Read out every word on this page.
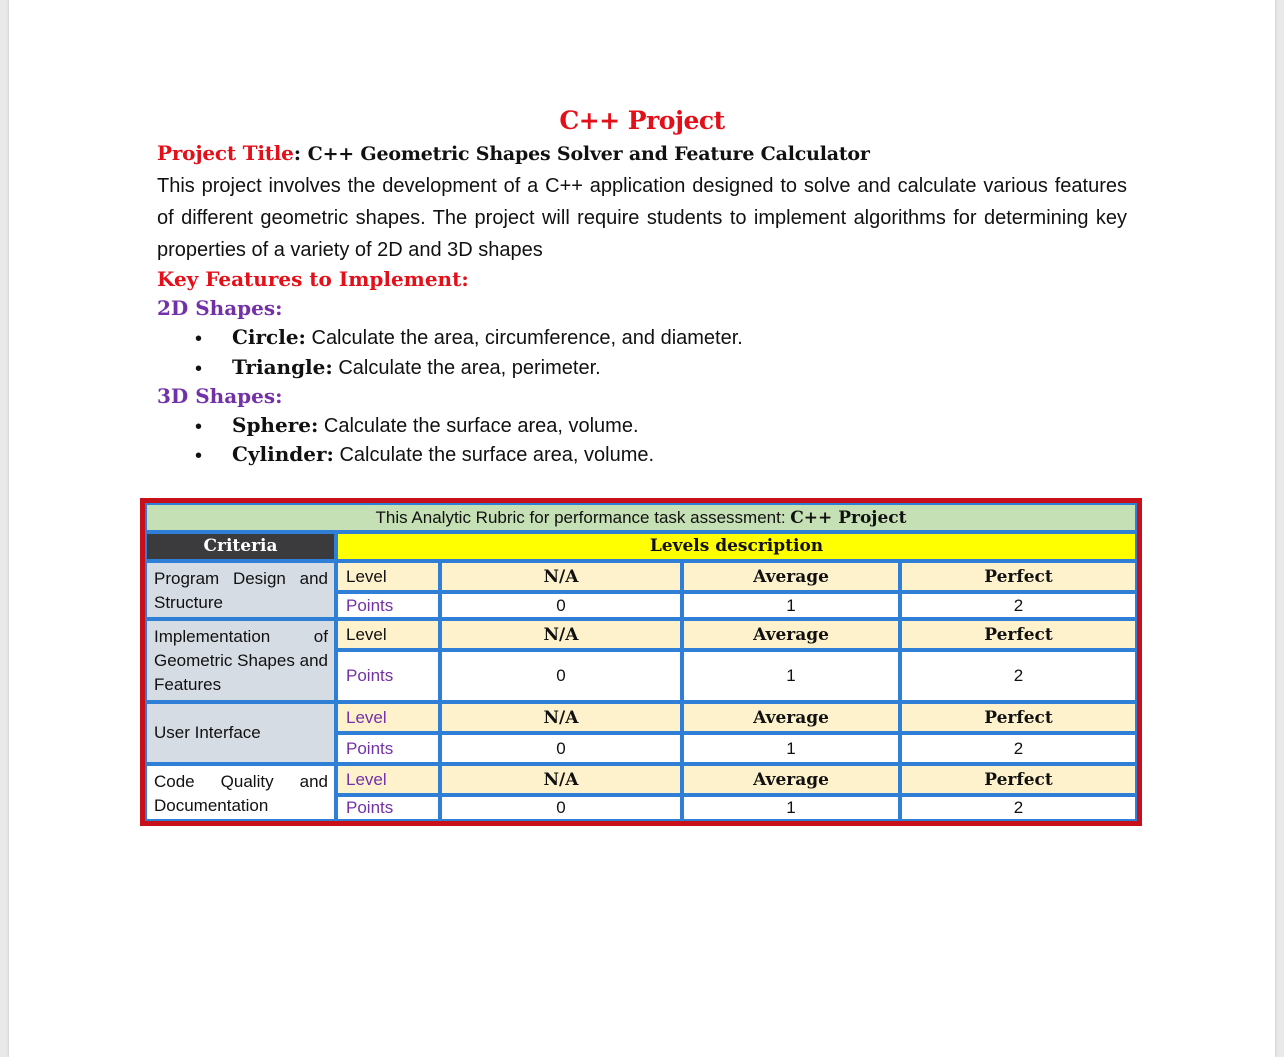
C++ Project
Project Title: C++ Geometric Shapes Solver and Feature Calculator
This project involves the development of a C++ application designed to solve and calculate various features of different geometric shapes. The project will require students to implement algorithms for determining key properties of a variety of 2D and 3D shapes
Key Features to Implement:
2D Shapes:
• Circle: Calculate the area, circumference, and diameter.
• Triangle: Calculate the area, perimeter.
3D Shapes:
• Sphere: Calculate the surface area, volume.
• Cylinder: Calculate the surface area, volume.
This Analytic Rubric for performance task assessment: C++ Project
Criteria	Levels description
Program Design and Structure
Level	N/A	Average	Perfect
Points	0	1	2
Implementation of Geometric Shapes and Features
Level	N/A	Average	Perfect
Points	0	1	2
User Interface
Level	N/A	Average	Perfect
Points	0	1	2
Code Quality and Documentation
Level	N/A	Average	Perfect
Points	0	1	2
